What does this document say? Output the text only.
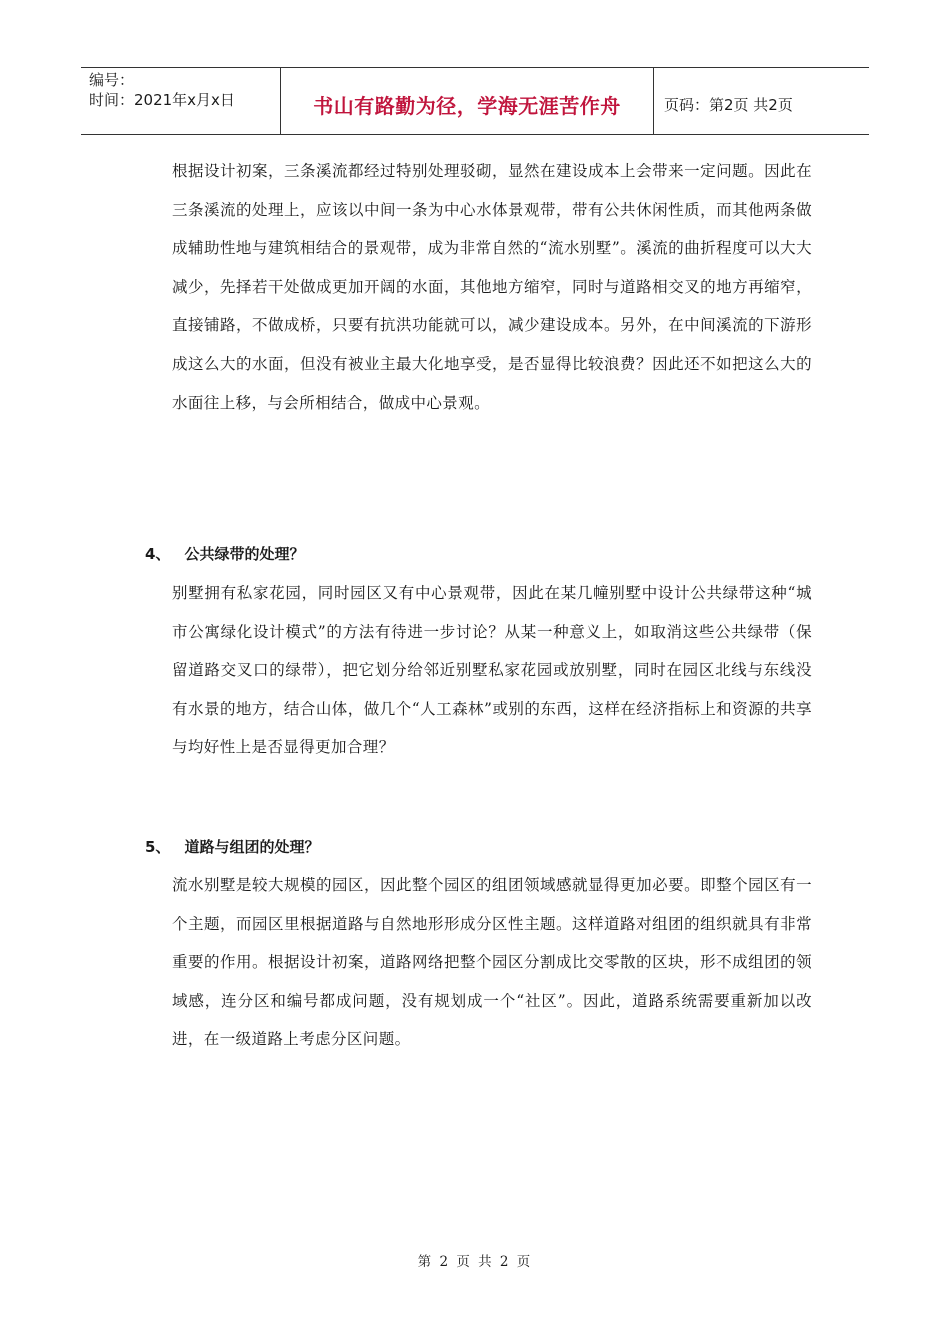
编号：
时间：2021年x月x日	书山有路勤为径，学海无涯苦作舟	页码：第2页 共2页
根据设计初案，三条溪流都经过特别处理驳砌，显然在建设成本上会带来一定问题。因此在三条溪流的处理上，应该以中间一条为中心水体景观带，带有公共休闲性质，而其他两条做成辅助性地与建筑相结合的景观带，成为非常自然的“流水别墅”。溪流的曲折程度可以大大减少，先择若干处做成更加开阔的水面，其他地方缩窄，同时与道路相交叉的地方再缩窄，直接铺路，不做成桥，只要有抗洪功能就可以，减少建设成本。另外，在中间溪流的下游形成这么大的水面，但没有被业主最大化地享受，是否显得比较浪费？因此还不如把这么大的水面往上移，与会所相结合，做成中心景观。
4、 公共绿带的处理？
别墅拥有私家花园，同时园区又有中心景观带，因此在某几幢别墅中设计公共绿带这种“城市公寓绿化设计模式”的方法有待进一步讨论？从某一种意义上，如取消这些公共绿带（保留道路交叉口的绿带），把它划分给邻近别墅私家花园或放别墅，同时在园区北线与东线没有水景的地方，结合山体，做几个“人工森林”或别的东西，这样在经济指标上和资源的共享与均好性上是否显得更加合理？
5、 道路与组团的处理？
流水别墅是较大规模的园区，因此整个园区的组团领域感就显得更加必要。即整个园区有一个主题，而园区里根据道路与自然地形形成分区性主题。这样道路对组团的组织就具有非常重要的作用。根据设计初案，道路网络把整个园区分割成比交零散的区块，形不成组团的领域感，连分区和编号都成问题，没有规划成一个“社区”。因此，道路系统需要重新加以改进，在一级道路上考虑分区问题。
第 2 页 共 2 页
